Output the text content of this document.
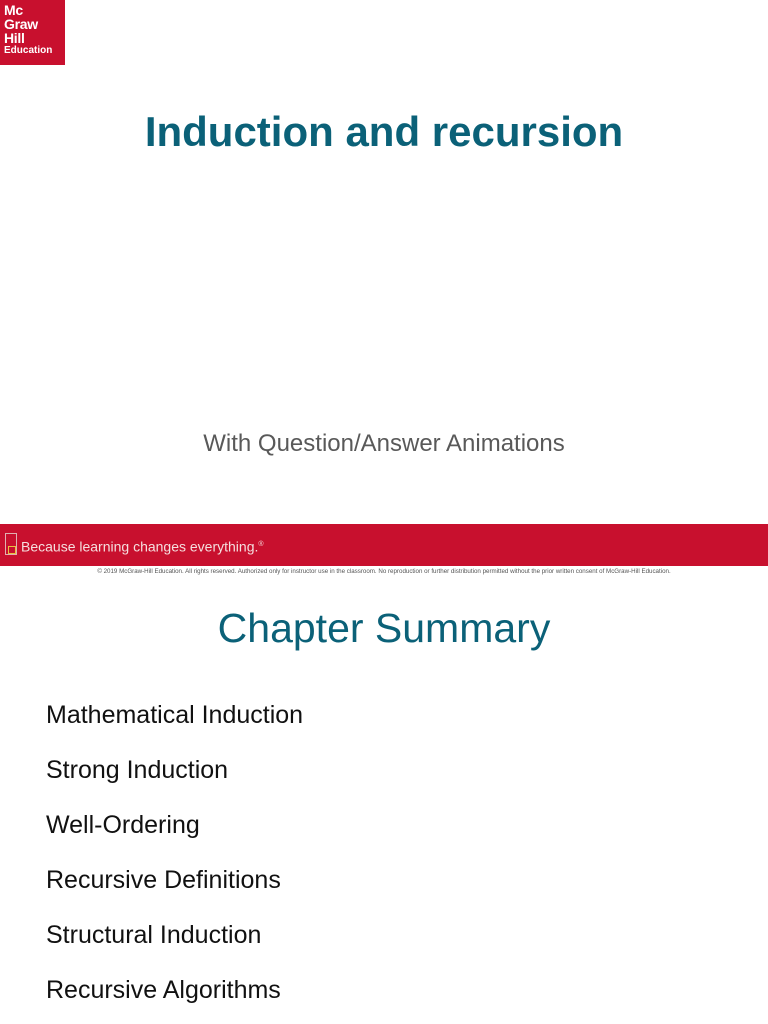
Mc
Graw
Hill
Education
Induction and recursion
With Question/Answer Animations
Because learning changes everything.®
© 2019 McGraw-Hill Education. All rights reserved. Authorized only for instructor use in the classroom. No reproduction or further distribution permitted without the prior written consent of McGraw-Hill Education.
Chapter Summary
Mathematical Induction
Strong Induction
Well-Ordering
Recursive Definitions
Structural Induction
Recursive Algorithms
